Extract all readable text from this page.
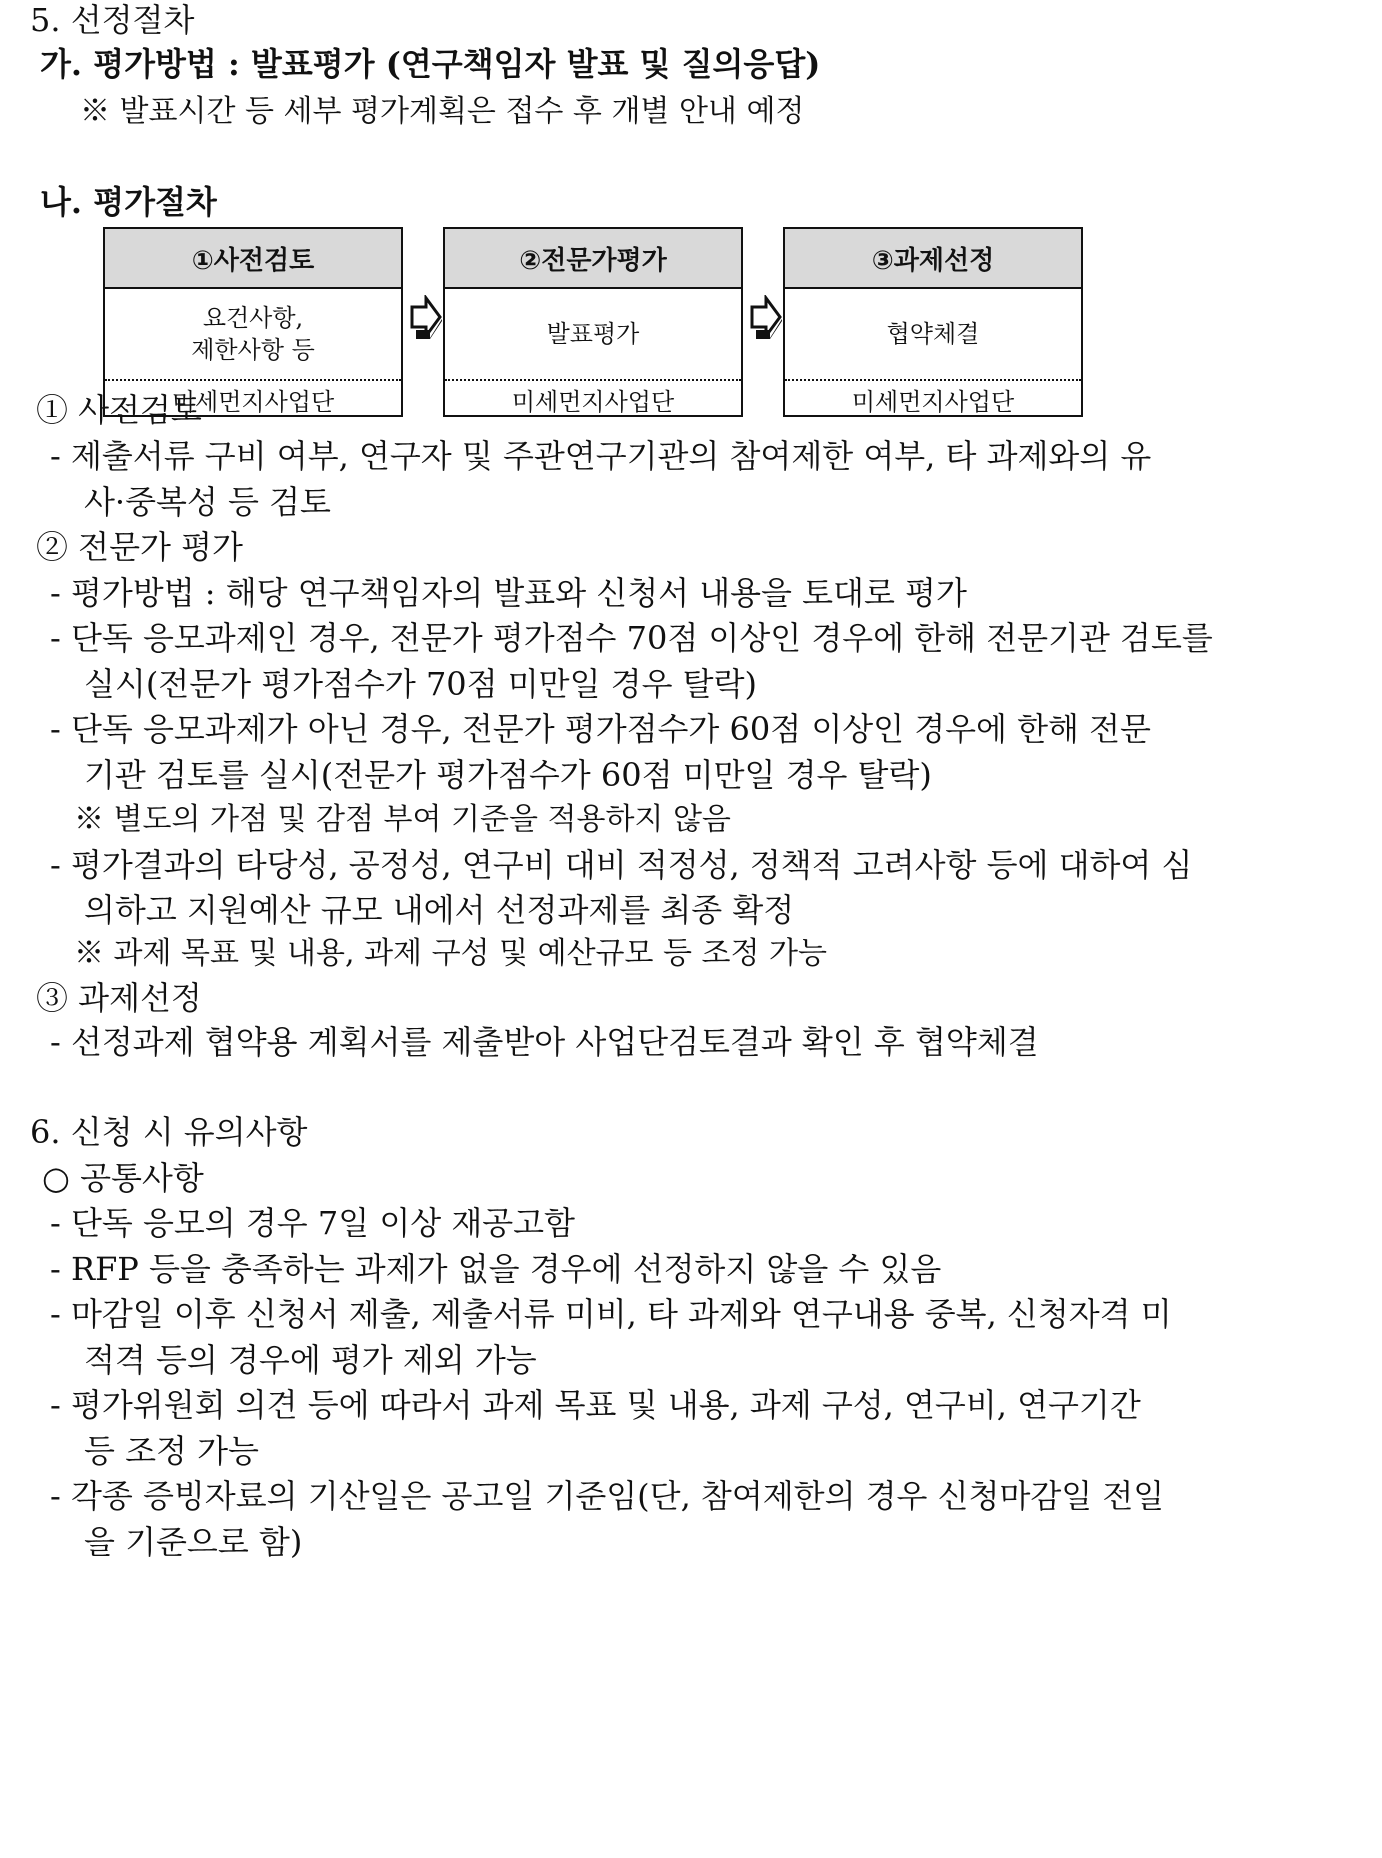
5. 선정절차
가. 평가방법 : 발표평가 (연구책임자 발표 및 질의응답)
※ 발표시간 등 세부 평가계획은 접수 후 개별 안내 예정
나. 평가절차
①사전검토
요건사항,
제한사항 등
미세먼지사업단
②전문가평가
발표평가
미세먼지사업단
③과제선정
협약체결
미세먼지사업단
① 사전검토
- 제출서류 구비 여부, 연구자 및 주관연구기관의 참여제한 여부, 타 과제와의 유
사·중복성 등 검토
② 전문가 평가
- 평가방법 : 해당 연구책임자의 발표와 신청서 내용을 토대로 평가
- 단독 응모과제인 경우, 전문가 평가점수 70점 이상인 경우에 한해 전문기관 검토를
실시(전문가 평가점수가 70점 미만일 경우 탈락)
- 단독 응모과제가 아닌 경우, 전문가 평가점수가 60점 이상인 경우에 한해 전문
기관 검토를 실시(전문가 평가점수가 60점 미만일 경우 탈락)
※ 별도의 가점 및 감점 부여 기준을 적용하지 않음
- 평가결과의 타당성, 공정성, 연구비 대비 적정성, 정책적 고려사항 등에 대하여 심
의하고 지원예산 규모 내에서 선정과제를 최종 확정
※ 과제 목표 및 내용, 과제 구성 및 예산규모 등 조정 가능
③ 과제선정
- 선정과제 협약용 계획서를 제출받아 사업단검토결과 확인 후 협약체결
6. 신청 시 유의사항
○ 공통사항
- 단독 응모의 경우 7일 이상 재공고함
- RFP 등을 충족하는 과제가 없을 경우에 선정하지 않을 수 있음
- 마감일 이후 신청서 제출, 제출서류 미비, 타 과제와 연구내용 중복, 신청자격 미
적격 등의 경우에 평가 제외 가능
- 평가위원회 의견 등에 따라서 과제 목표 및 내용, 과제 구성, 연구비, 연구기간
등 조정 가능
- 각종 증빙자료의 기산일은 공고일 기준임(단, 참여제한의 경우 신청마감일 전일
을 기준으로 함)
